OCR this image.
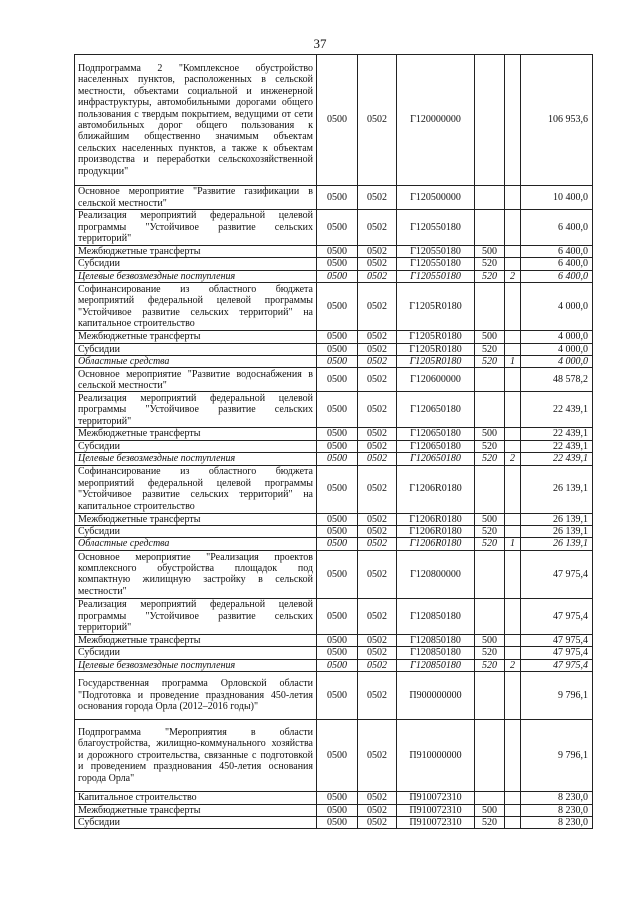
37
Подпрограмма 2 "Комплексное обустройство населенных пунктов, расположенных в сельской местности, объектами социальной и инженерной инфраструктуры, автомобильными дорогами общего пользования с твердым покрытием, ведущими от сети автомобильных дорог общего пользования к ближайшим общественно значимым объектам сельских населенных пунктов, а также к объектам производства и переработки сельскохозяйственной продукции"	0500	0502	Г120000000			106 953,6
Основное мероприятие "Развитие газификации в сельской местности"	0500	0502	Г120500000			10 400,0
Реализация мероприятий федеральной целевой программы "Устойчивое развитие сельских территорий"	0500	0502	Г120550180			6 400,0
Межбюджетные трансферты	0500	0502	Г120550180	500		6 400,0
Субсидии	0500	0502	Г120550180	520		6 400,0
Целевые безвозмездные поступления	0500	0502	Г120550180	520	2	6 400,0
Софинансирование из областного бюджета мероприятий федеральной целевой программы "Устойчивое развитие сельских территорий" на капитальное строительство	0500	0502	Г1205R0180			4 000,0
Межбюджетные трансферты	0500	0502	Г1205R0180	500		4 000,0
Субсидии	0500	0502	Г1205R0180	520		4 000,0
Областные средства	0500	0502	Г1205R0180	520	1	4 000,0
Основное мероприятие "Развитие водоснабжения в сельской местности"	0500	0502	Г120600000			48 578,2
Реализация мероприятий федеральной целевой программы "Устойчивое развитие сельских территорий"	0500	0502	Г120650180			22 439,1
Межбюджетные трансферты	0500	0502	Г120650180	500		22 439,1
Субсидии	0500	0502	Г120650180	520		22 439,1
Целевые безвозмездные поступления	0500	0502	Г120650180	520	2	22 439,1
Софинансирование из областного бюджета мероприятий федеральной целевой программы "Устойчивое развитие сельских территорий" на капитальное строительство	0500	0502	Г1206R0180			26 139,1
Межбюджетные трансферты	0500	0502	Г1206R0180	500		26 139,1
Субсидии	0500	0502	Г1206R0180	520		26 139,1
Областные средства	0500	0502	Г1206R0180	520	1	26 139,1
Основное мероприятие "Реализация проектов комплексного обустройства площадок под компактную жилищную застройку в сельской местности"	0500	0502	Г120800000			47 975,4
Реализация мероприятий федеральной целевой программы "Устойчивое развитие сельских территорий"	0500	0502	Г120850180			47 975,4
Межбюджетные трансферты	0500	0502	Г120850180	500		47 975,4
Субсидии	0500	0502	Г120850180	520		47 975,4
Целевые безвозмездные поступления	0500	0502	Г120850180	520	2	47 975,4
Государственная программа Орловской области "Подготовка и проведение празднования 450-летия основания города Орла (2012–2016 годы)"	0500	0502	П900000000			9 796,1
Подпрограмма "Мероприятия в области благоустройства, жилищно-коммунального хозяйства и дорожного строительства, связанные с подготовкой и проведением празднования 450-летия основания города Орла"	0500	0502	П910000000			9 796,1
Капитальное строительство	0500	0502	П910072310			8 230,0
Межбюджетные трансферты	0500	0502	П910072310	500		8 230,0
Субсидии	0500	0502	П910072310	520		8 230,0
